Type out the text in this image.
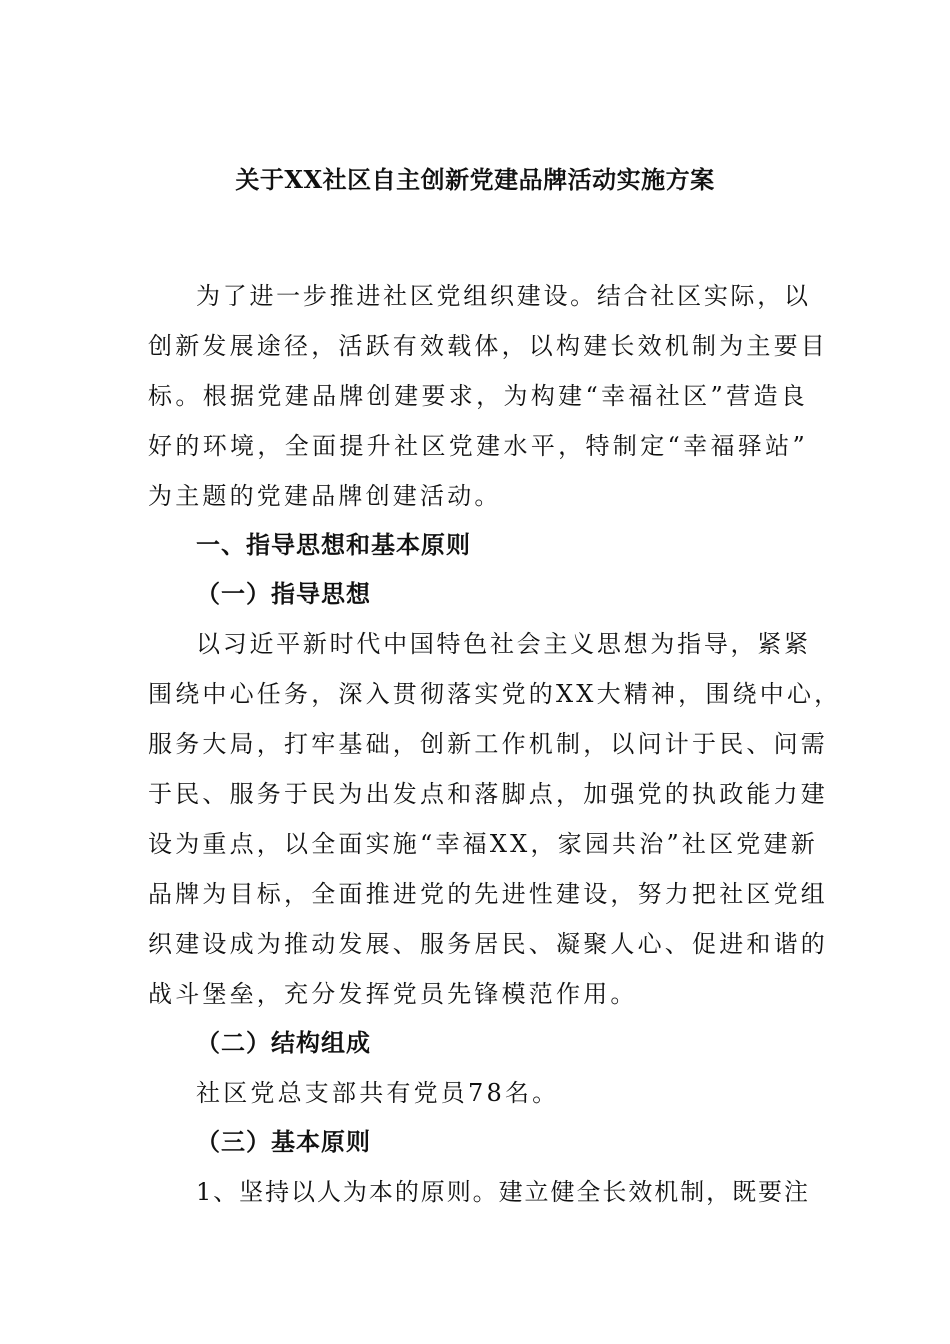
关于XX社区自主创新党建品牌活动实施方案
为了进一步推进社区党组织建设。结合社区实际，以
创新发展途径，活跃有效载体，以构建长效机制为主要目
标。根据党建品牌创建要求，为构建“幸福社区”营造良
好的环境，全面提升社区党建水平，特制定“幸福驿站”
为主题的党建品牌创建活动。
一、指导思想和基本原则
（一）指导思想
以习近平新时代中国特色社会主义思想为指导，紧紧
围绕中心任务，深入贯彻落实党的XX大精神，围绕中心，
服务大局，打牢基础，创新工作机制，以问计于民、问需
于民、服务于民为出发点和落脚点，加强党的执政能力建
设为重点，以全面实施“幸福XX，家园共治”社区党建新
品牌为目标，全面推进党的先进性建设，努力把社区党组
织建设成为推动发展、服务居民、凝聚人心、促进和谐的
战斗堡垒，充分发挥党员先锋模范作用。
（二）结构组成
社区党总支部共有党员78名。
（三）基本原则
1、坚持以人为本的原则。建立健全长效机制，既要注
